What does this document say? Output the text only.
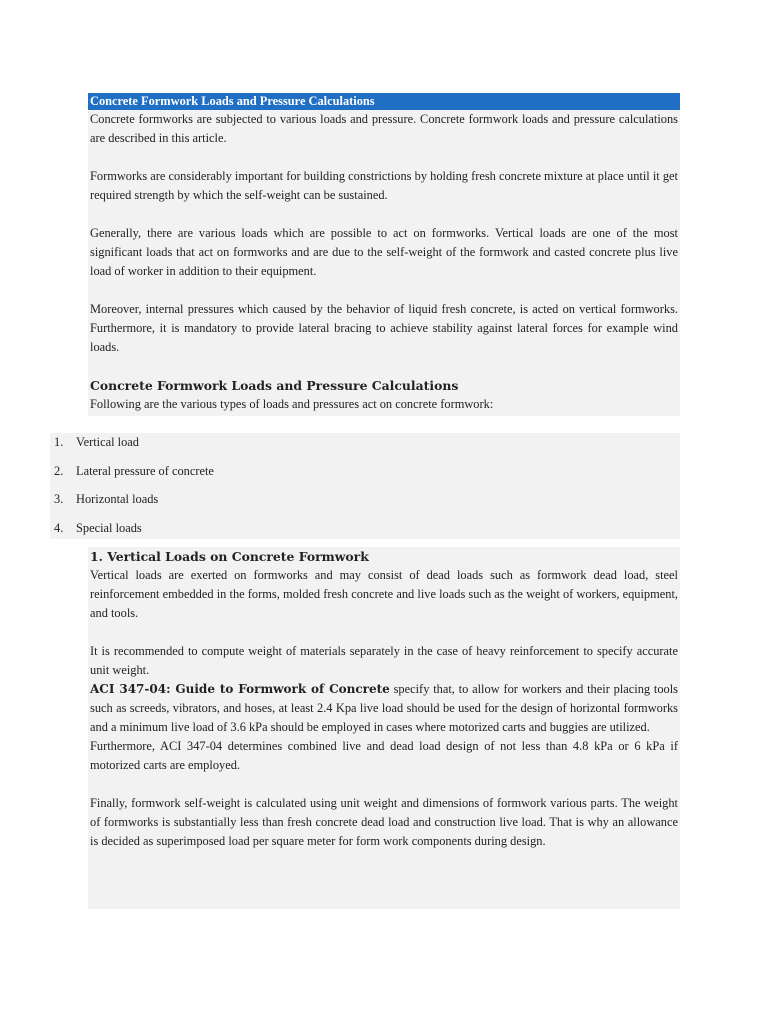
Concrete Formwork Loads and Pressure Calculations

Concrete formworks are subjected to various loads and pressure. Concrete formwork loads and pressure calculations are described in this article.

Formworks are considerably important for building constrictions by holding fresh concrete mixture at place until it get required strength by which the self-weight can be sustained.

Generally, there are various loads which are possible to act on formworks. Vertical loads are one of the most significant loads that act on formworks and are due to the self-weight of the formwork and casted concrete plus live load of worker in addition to their equipment.

Moreover, internal pressures which caused by the behavior of liquid fresh concrete, is acted on vertical formworks. Furthermore, it is mandatory to provide lateral bracing to achieve stability against lateral forces for example wind loads.

Concrete Formwork Loads and Pressure Calculations

Following are the various types of loads and pressures act on concrete formwork:

1. Vertical load
2. Lateral pressure of concrete
3. Horizontal loads
4. Special loads

1. Vertical Loads on Concrete Formwork

Vertical loads are exerted on formworks and may consist of dead loads such as formwork dead load, steel reinforcement embedded in the forms, molded fresh concrete and live loads such as the weight of workers, equipment, and tools.

It is recommended to compute weight of materials separately in the case of heavy reinforcement to specify accurate unit weight.

ACI 347-04: Guide to Formwork of Concrete specify that, to allow for workers and their placing tools such as screeds, vibrators, and hoses, at least 2.4 Kpa live load should be used for the design of horizontal formworks and a minimum live load of 3.6 kPa should be employed in cases where motorized carts and buggies are utilized.

Furthermore, ACI 347-04 determines combined live and dead load design of not less than 4.8 kPa or 6 kPa if motorized carts are employed.

Finally, formwork self-weight is calculated using unit weight and dimensions of formwork various parts. The weight of formworks is substantially less than fresh concrete dead load and construction live load. That is why an allowance is decided as superimposed load per square meter for form work components during design.
